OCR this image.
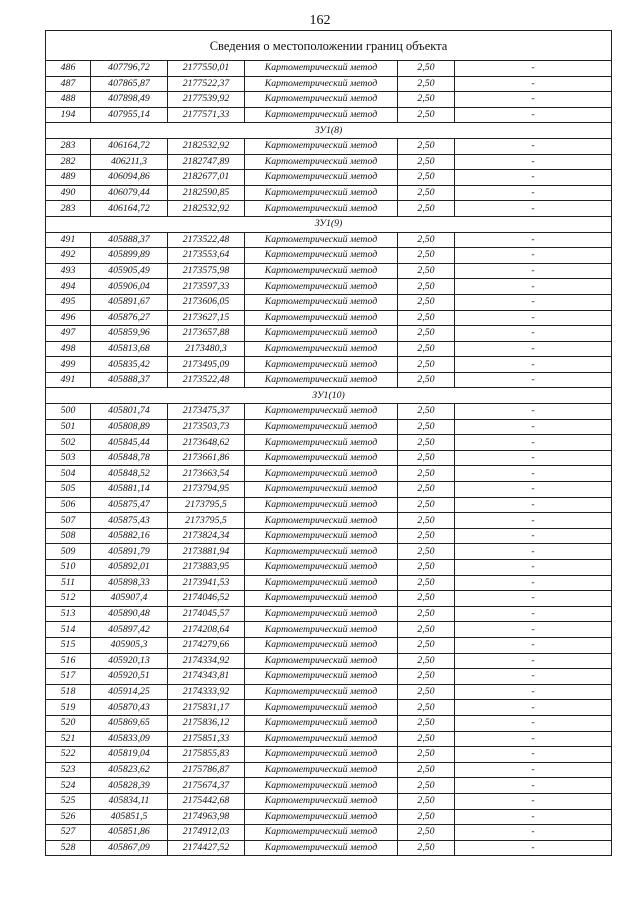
162
Сведения о местоположении границ объекта					
486	407796,72	2177550,01	Картометрический метод	2,50	-
487	407865,87	2177522,37	Картометрический метод	2,50	-
488	407898,49	2177539,92	Картометрический метод	2,50	-
194	407955,14	2177571,33	Картометрический метод	2,50	-
ЗУ1(8)					
283	406164,72	2182532,92	Картометрический метод	2,50	-
282	406211,3	2182747,89	Картометрический метод	2,50	-
489	406094,86	2182677,01	Картометрический метод	2,50	-
490	406079,44	2182590,85	Картометрический метод	2,50	-
283	406164,72	2182532,92	Картометрический метод	2,50	-
ЗУ1(9)					
491	405888,37	2173522,48	Картометрический метод	2,50	-
492	405899,89	2173553,64	Картометрический метод	2,50	-
493	405905,49	2173575,98	Картометрический метод	2,50	-
494	405906,04	2173597,33	Картометрический метод	2,50	-
495	405891,67	2173606,05	Картометрический метод	2,50	-
496	405876,27	2173627,15	Картометрический метод	2,50	-
497	405859,96	2173657,88	Картометрический метод	2,50	-
498	405813,68	2173480,3	Картометрический метод	2,50	-
499	405835,42	2173495,09	Картометрический метод	2,50	-
491	405888,37	2173522,48	Картометрический метод	2,50	-
ЗУ1(10)					
500	405801,74	2173475,37	Картометрический метод	2,50	-
501	405808,89	2173503,73	Картометрический метод	2,50	-
502	405845,44	2173648,62	Картометрический метод	2,50	-
503	405848,78	2173661,86	Картометрический метод	2,50	-
504	405848,52	2173663,54	Картометрический метод	2,50	-
505	405881,14	2173794,95	Картометрический метод	2,50	-
506	405875,47	2173795,5	Картометрический метод	2,50	-
507	405875,43	2173795,5	Картометрический метод	2,50	-
508	405882,16	2173824,34	Картометрический метод	2,50	-
509	405891,79	2173881,94	Картометрический метод	2,50	-
510	405892,01	2173883,95	Картометрический метод	2,50	-
511	405898,33	2173941,53	Картометрический метод	2,50	-
512	405907,4	2174046,52	Картометрический метод	2,50	-
513	405890,48	2174045,57	Картометрический метод	2,50	-
514	405897,42	2174208,64	Картометрический метод	2,50	-
515	405905,3	2174279,66	Картометрический метод	2,50	-
516	405920,13	2174334,92	Картометрический метод	2,50	-
517	405920,51	2174343,81	Картометрический метод	2,50	-
518	405914,25	2174333,92	Картометрический метод	2,50	-
519	405870,43	2175831,17	Картометрический метод	2,50	-
520	405869,65	2175836,12	Картометрический метод	2,50	-
521	405833,09	2175851,33	Картометрический метод	2,50	-
522	405819,04	2175855,83	Картометрический метод	2,50	-
523	405823,62	2175786,87	Картометрический метод	2,50	-
524	405828,39	2175674,37	Картометрический метод	2,50	-
525	405834,11	2175442,68	Картометрический метод	2,50	-
526	405851,5	2174963,98	Картометрический метод	2,50	-
527	405851,86	2174912,03	Картометрический метод	2,50	-
528	405867,09	2174427,52	Картометрический метод	2,50	-
